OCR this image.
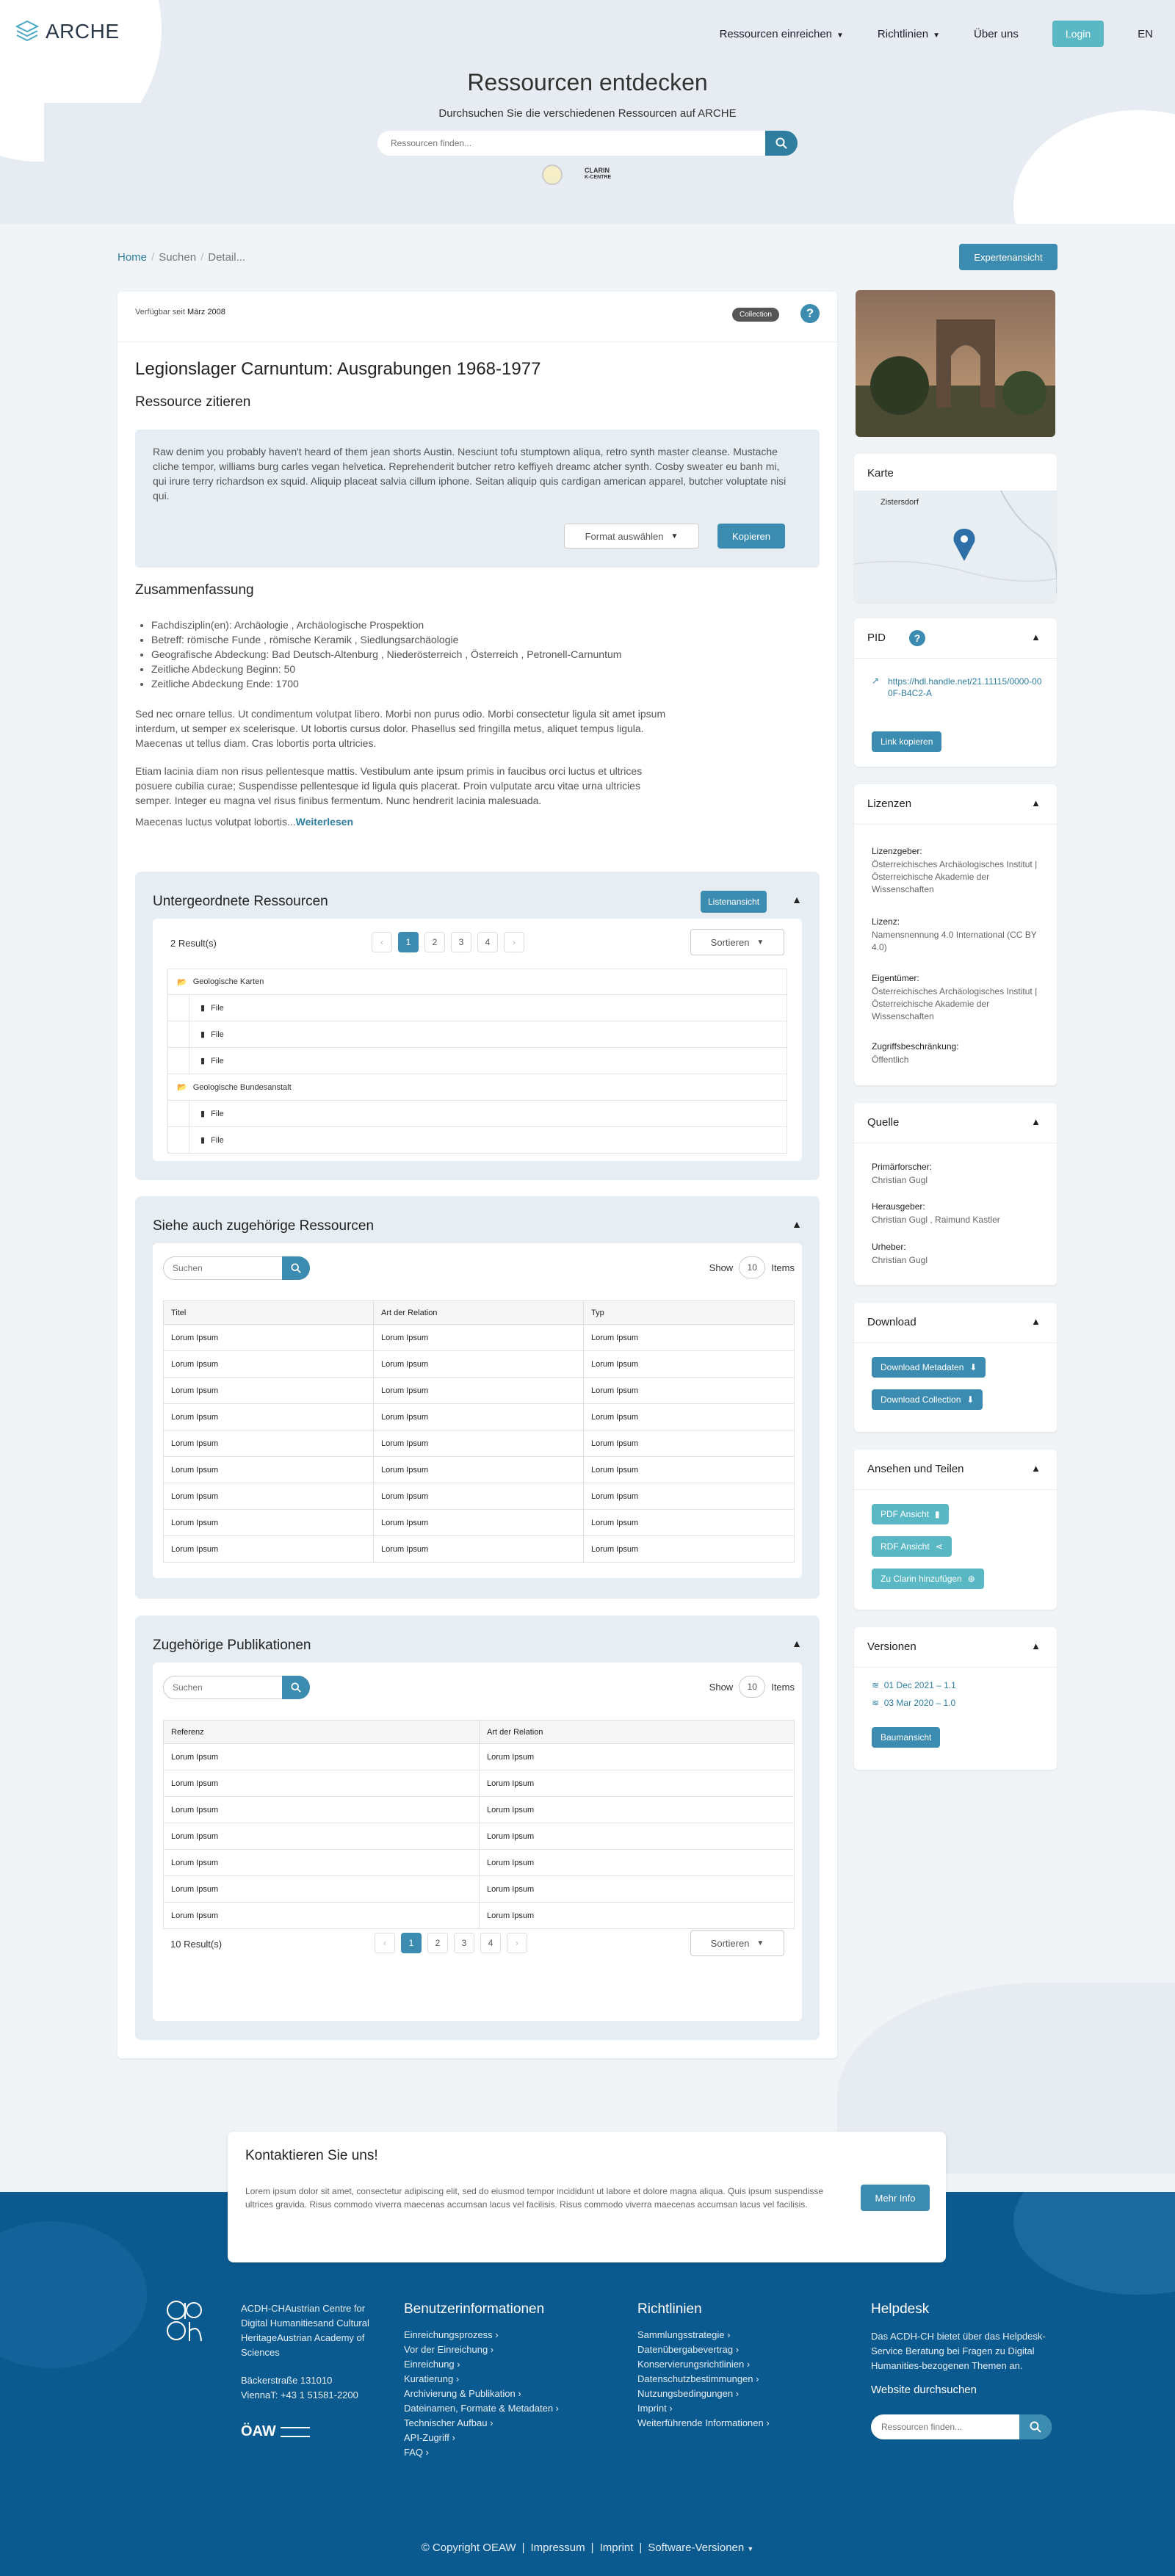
ARCHE	Ressourcen einreichen ▼	Richtlinien ▼	Über uns	Login	EN
Ressourcen entdecken
Durchsuchen Sie die verschiedenen Ressourcen auf ARCHE
Ressourcen finden...
CLARIN
K-CENTRE
Home / Suchen / Detail...	Expertenansicht
Verfügbar seit März 2008	Collection	?
Legionslager Carnuntum: Ausgrabungen 1968-1977
Ressource zitieren
Raw denim you probably haven't heard of them jean shorts Austin. Nesciunt tofu stumptown aliqua, retro synth master cleanse. Mustache cliche tempor, williams burg carles vegan helvetica. Reprehenderit butcher retro keffiyeh dreamc atcher synth. Cosby sweater eu banh mi, qui irure terry richardson ex squid. Aliquip placeat salvia cillum iphone. Seitan aliquip quis cardigan american apparel, butcher voluptate nisi qui.
Format auswählen ▼	Kopieren
Zusammenfassung
• Fachdisziplin(en): Archäologie , Archäologische Prospektion
• Betreff: römische Funde , römische Keramik , Siedlungsarchäologie
• Geografische Abdeckung: Bad Deutsch-Altenburg , Niederösterreich , Österreich , Petronell-Carnuntum
• Zeitliche Abdeckung Beginn: 50
• Zeitliche Abdeckung Ende: 1700
Sed nec ornare tellus. Ut condimentum volutpat libero. Morbi non purus odio. Morbi consectetur ligula sit amet ipsum interdum, ut semper ex scelerisque. Ut lobortis cursus dolor. Phasellus sed fringilla metus, aliquet tempus ligula. Maecenas ut tellus diam. Cras lobortis porta ultricies.
Etiam lacinia diam non risus pellentesque mattis. Vestibulum ante ipsum primis in faucibus orci luctus et ultrices posuere cubilia curae; Suspendisse pellentesque id ligula quis placerat. Proin vulputate arcu vitae urna ultricies semper. Integer eu magna vel risus finibus fermentum. Nunc hendrerit lacinia malesuada.
Maecenas luctus volutpat lobortis...Weiterlesen
Untergeordnete Ressourcen	Listenansicht	▲
2 Result(s)	‹	1	2	3	4	›	Sortieren ▼
📂 Geologische Karten
▮ File
▮ File
▮ File
📂 Geologische Bundesanstalt
▮ File
▮ File
Siehe auch zugehörige Ressourcen	▲
Suchen
Show	10	Items
Titel	Art der Relation	Typ
Lorum Ipsum	Lorum Ipsum	Lorum Ipsum
Lorum Ipsum	Lorum Ipsum	Lorum Ipsum
Lorum Ipsum	Lorum Ipsum	Lorum Ipsum
Lorum Ipsum	Lorum Ipsum	Lorum Ipsum
Lorum Ipsum	Lorum Ipsum	Lorum Ipsum
Lorum Ipsum	Lorum Ipsum	Lorum Ipsum
Lorum Ipsum	Lorum Ipsum	Lorum Ipsum
Lorum Ipsum	Lorum Ipsum	Lorum Ipsum
Lorum Ipsum	Lorum Ipsum	Lorum Ipsum
Zugehörige Publikationen	▲
Suchen
Show	10	Items
Referenz	Art der Relation
Lorum Ipsum	Lorum Ipsum
Lorum Ipsum	Lorum Ipsum
Lorum Ipsum	Lorum Ipsum
Lorum Ipsum	Lorum Ipsum
Lorum Ipsum	Lorum Ipsum
Lorum Ipsum	Lorum Ipsum
Lorum Ipsum	Lorum Ipsum
10 Result(s)	‹	1	2	3	4	›	Sortieren ▼
Karte
Zistersdorf
PID	?	▲
↗ https://hdl.handle.net/21.11115/0000-000F-B4C2-A
Link kopieren
Lizenzen	▲
Lizenzgeber:
Österreichisches Archäologisches Institut | Österreichische Akademie der Wissenschaften
Lizenz:
Namensnennung 4.0 International (CC BY 4.0)
Eigentümer:
Österreichisches Archäologisches Institut | Österreichische Akademie der Wissenschaften
Zugriffsbeschränkung:
Öffentlich
Quelle	▲
Primärforscher:
Christian Gugl
Herausgeber:
Christian Gugl , Raimund Kastler
Urheber:
Christian Gugl
Download	▲
Download Metadaten ⬇
Download Collection ⬇
Ansehen und Teilen	▲
PDF Ansicht ▮
RDF Ansicht ⋖
Zu Clarin hinzufügen ⊕
Versionen	▲
≋ 01 Dec 2021 – 1.1
≋ 03 Mar 2020 – 1.0
Baumansicht
Kontaktieren Sie uns!
Lorem ipsum dolor sit amet, consectetur adipiscing elit, sed do eiusmod tempor incididunt ut labore et dolore magna aliqua. Quis ipsum suspendisse ultrices gravida. Risus commodo viverra maecenas accumsan lacus vel facilisis. Risus commodo viverra maecenas accumsan lacus vel facilisis.
Mehr Info
ACDH-CHAustrian Centre for Digital Humanitiesand Cultural HeritageAustrian Academy of Sciences
Bäckerstraße 131010
ViennaT: +43 1 51581-2200
ÖAW
Benutzerinformationen
Einreichungsprozess ›
Vor der Einreichung ›
Einreichung ›
Kuratierung ›
Archivierung & Publikation ›
Dateinamen, Formate & Metadaten ›
Technischer Aufbau ›
API-Zugriff ›
FAQ ›
Richtlinien
Sammlungsstrategie ›
Datenübergabevertrag ›
Konservierungsrichtlinien ›
Datenschutzbestimmungen ›
Nutzungsbedingungen ›
Imprint ›
Weiterführende Informationen ›
Helpdesk
Das ACDH-CH bietet über das Helpdesk-Service Beratung bei Fragen zu Digital Humanities-bezogenen Themen an.
Website durchsuchen
Ressourcen finden...
© Copyright OEAW | Impressum | Imprint | Software-Versionen ▼
